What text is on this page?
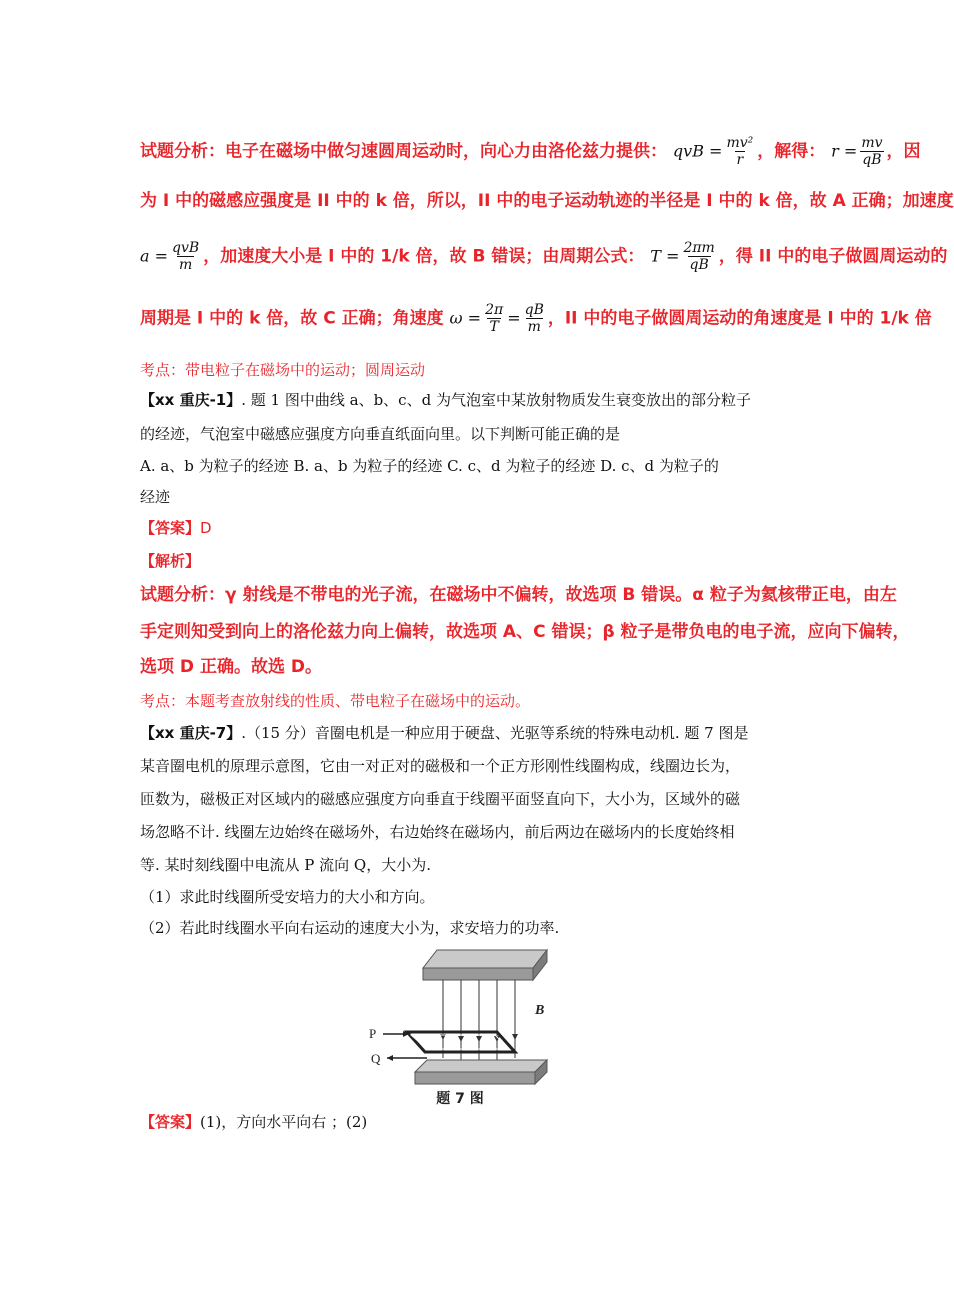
试题分析：电子在磁场中做匀速圆周运动时，向心力由洛伦兹力提供： qvB = $\frac{\text{mv²}}{r}$ ，解得： $r = \frac{mv}{qB}$ ，因
为 I 中的磁感应强度是 II 中的 k 倍，所以，II 中的电子运动轨迹的半径是 I 中的 k 倍，故 A 正确；加速度
$a = \frac{\text{qvB}}{m}$ ，加速度大小是 I 中的 1/k 倍，故 B 错误；由周期公式： $T = \frac{2\pi m}{qB}$ ，得 II 中的电子做圆周运动的
周期是 I 中的 k 倍，故 C 正确；角速度 $\omega = \frac{2\pi}{T} = \frac{qB}{m}$ ，II 中的电子做圆周运动的角速度是 I 中的 1/k 倍
考点：带电粒子在磁场中的运动；圆周运动
【xx 重庆-1】. 题 1 图中曲线 a、b、c、d 为气泡室中某放射物质发生衰变放出的部分粒子
的经迹，气泡室中磁感应强度方向垂直纸面向里。以下判断可能正确的是
A. a、b 为粒子的经迹 B. a、b 为粒子的经迹 C. c、d 为粒子的经迹 D. c、d 为粒子的
经迹
【答案】D
【解析】
试题分析：γ 射线是不带电的光子流，在磁场中不偏转，故选项 B 错误。α 粒子为氦核带正电，由左
手定则知受到向上的洛伦兹力向上偏转，故选项 A、C 错误；β 粒子是带负电的电子流，应向下偏转，
选项 D 正确。故选 D。
考点：本题考查放射线的性质、带电粒子在磁场中的运动。
【xx 重庆-7】.（15 分）音圈电机是一种应用于硬盘、光驱等系统的特殊电动机. 题 7 图是
某音圈电机的原理示意图，它由一对正对的磁极和一个正方形刚性线圈构成，线圈边长为，
匝数为，磁极正对区域内的磁感应强度方向垂直于线圈平面竖直向下，大小为，区域外的磁
场忽略不计. 线圈左边始终在磁场外，右边始终在磁场内，前后两边在磁场内的长度始终相
等. 某时刻线圈中电流从 P 流向 Q，大小为.
（1）求此时线圈所受安培力的大小和方向。
（2）若此时线圈水平向右运动的速度大小为，求安培力的功率.
P
Q
B
题 7 图
【答案】(1)，方向水平向右 ；(2)
